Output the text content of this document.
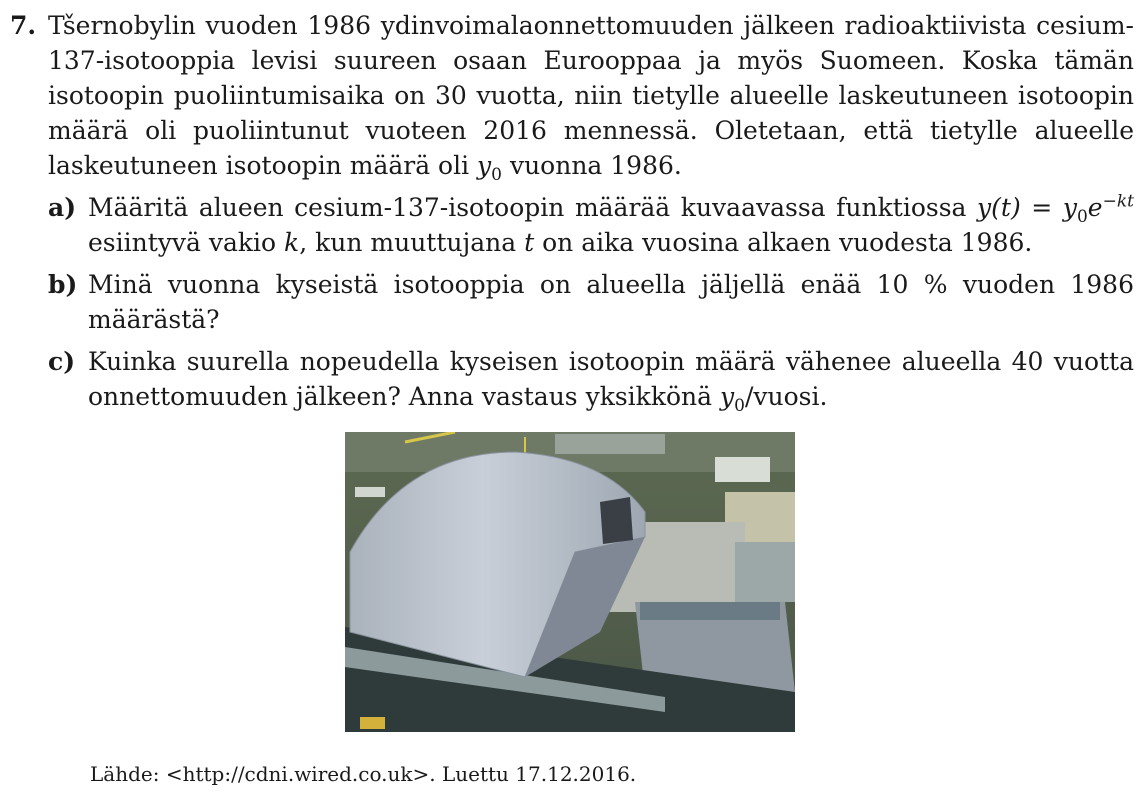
7. Tšernobylin vuoden 1986 ydinvoimalaonnettomuuden jälkeen radioaktiivista cesium-137-isotooppia levisi suureen osaan Eurooppaa ja myös Suomeen. Koska tämän isotoopin puoliintumisaika on 30 vuotta, niin tietylle alueelle laskeutuneen isotoopin määrä oli puoliintunut vuoteen 2016 mennessä. Oletetaan, että tietylle alueelle laskeutuneen isotoopin määrä oli $y_0$ vuonna 1986.
a) Määritä alueen cesium-137-isotoopin määrää kuvaavassa funktiossa $y(t) = y_0e^{-kt}$ esiintyvä vakio k, kun muuttujana t on aika vuosina alkaen vuodesta 1986.
b) Minä vuonna kyseistä isotooppia on alueella jäljellä enää 10 % vuoden 1986 määrästä?
c) Kuinka suurella nopeudella kyseisen isotoopin määrä vähenee alueella 40 vuotta onnettomuuden jälkeen? Anna vastaus yksikkönä $y_0$/vuosi.
Lähde: <http://cdni.wired.co.uk>. Luettu 17.12.2016.
